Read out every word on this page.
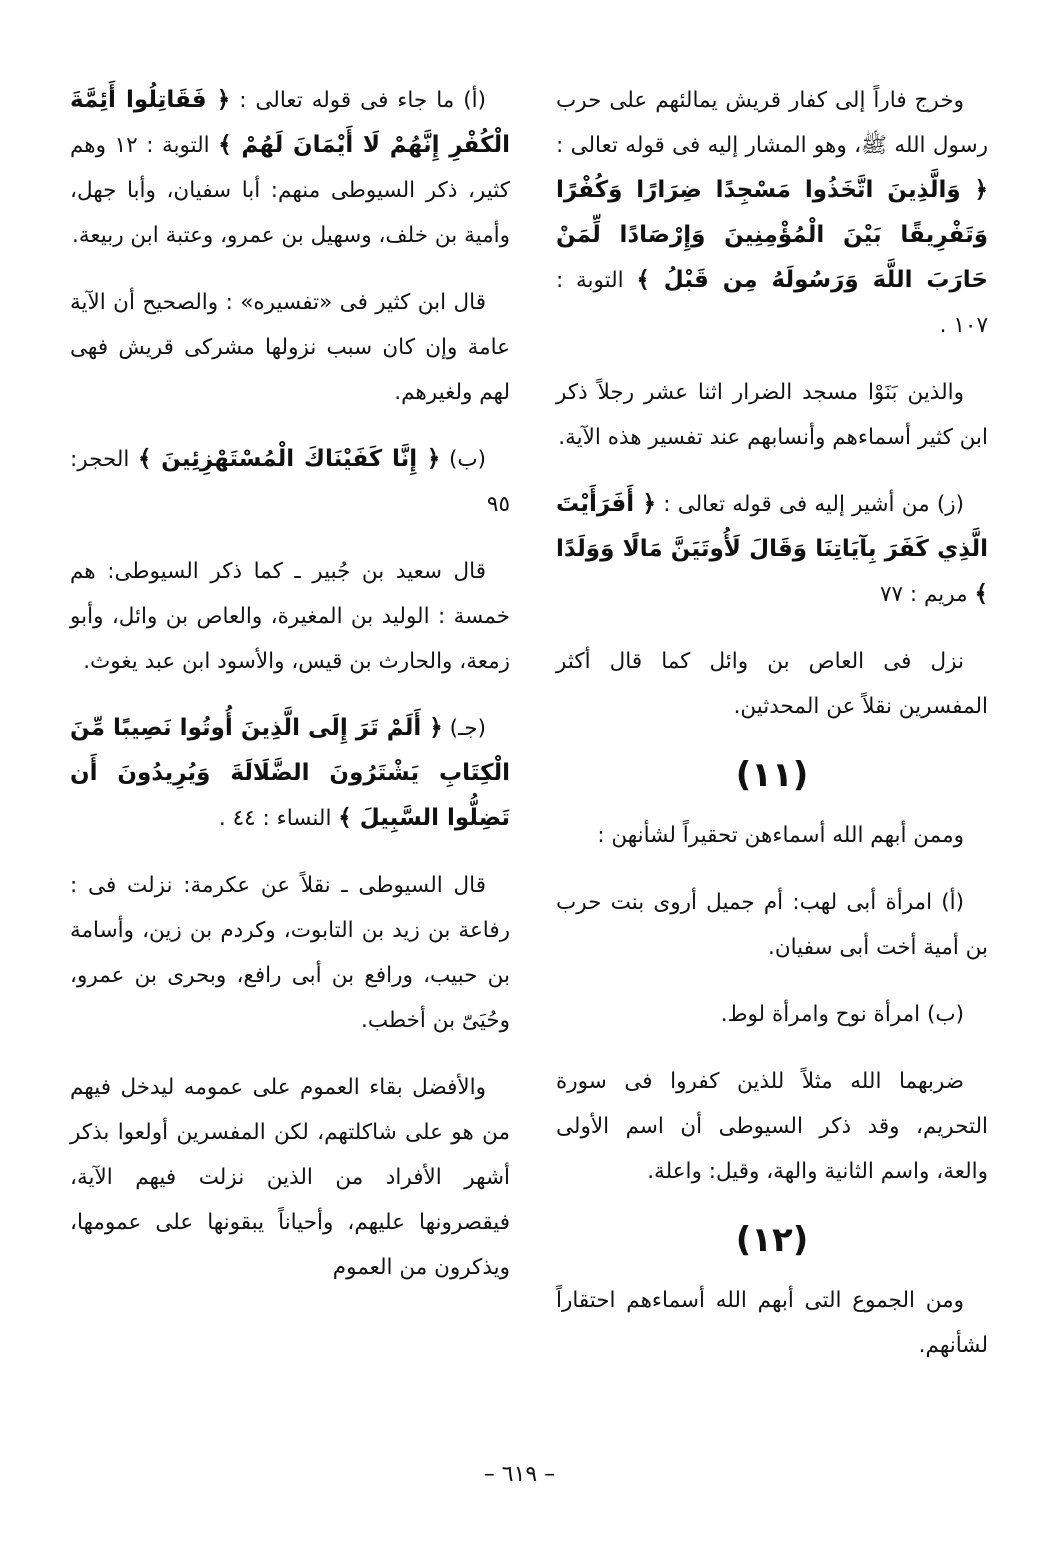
وخرج فاراً إلى كفار قريش يمالئهم على حرب رسول الله ﷺ، وهو المشار إليه فى قوله تعالى : ﴿ وَالَّذِينَ اتَّخَذُوا مَسْجِدًا ضِرَارًا وَكُفْرًا وَتَفْرِيقًا بَيْنَ الْمُؤْمِنِينَ وَإِرْصَادًا لِّمَنْ حَارَبَ اللَّهَ وَرَسُولَهُ مِن قَبْلُ ﴾ التوبة : ١٠٧ .

والذين بَنَوْا مسجد الضرار اثنا عشر رجلاً ذكر ابن كثير أسماءهم وأنسابهم عند تفسير هذه الآية.

(ز) من أشير إليه فى قوله تعالى : ﴿ أَفَرَأَيْتَ الَّذِي كَفَرَ بِآيَاتِنَا وَقَالَ لَأُوتَيَنَّ مَالًا وَوَلَدًا ﴾ مريم : ٧٧

نزل فى العاص بن وائل كما قال أكثر المفسرين نقلاً عن المحدثين.

(١١)

وممن أبهم الله أسماءهن تحقيراً لشأنهن :

(أ) امرأة أبى لهب: أم جميل أروى بنت حرب بن أمية أخت أبى سفيان.

(ب) امرأة نوح وامرأة لوط.

ضربهما الله مثلاً للذين كفروا فى سورة التحريم، وقد ذكر السيوطى أن اسم الأولى والعة، واسم الثانية والهة، وقيل: واعلة.

(١٢)

ومن الجموع التى أبهم الله أسماءهم احتقاراً لشأنهم.

(أ) ما جاء فى قوله تعالى : ﴿ فَقَاتِلُوا أَئِمَّةَ الْكُفْرِ إِنَّهُمْ لَا أَيْمَانَ لَهُمْ ﴾ التوبة : ١٢ وهم كثير، ذكر السيوطى منهم: أبا سفيان، وأبا جهل، وأمية بن خلف، وسهيل بن عمرو، وعتبة ابن ربيعة.

قال ابن كثير فى «تفسيره» : والصحيح أن الآية عامة وإن كان سبب نزولها مشركى قريش فهى لهم ولغيرهم.

(ب) ﴿ إِنَّا كَفَيْنَاكَ الْمُسْتَهْزِئِينَ ﴾ الحجر: ٩٥

قال سعيد بن جُبير ـ كما ذكر السيوطى: هم خمسة : الوليد بن المغيرة، والعاص بن وائل، وأبو زمعة، والحارث بن قيس، والأسود ابن عبد يغوث.

(جـ) ﴿ أَلَمْ تَرَ إِلَى الَّذِينَ أُوتُوا نَصِيبًا مِّنَ الْكِتَابِ يَشْتَرُونَ الضَّلَالَةَ وَيُرِيدُونَ أَن تَضِلُّوا السَّبِيلَ ﴾ النساء : ٤٤ .

قال السيوطى ـ نقلاً عن عكرمة: نزلت فى : رفاعة بن زيد بن التابوت، وكردم بن زين، وأسامة بن حبيب، ورافع بن أبى رافع، وبحرى بن عمرو، وحُيَىّ بن أخطب.

والأفضل بقاء العموم على عمومه ليدخل فيهم من هو على شاكلتهم، لكن المفسرين أولعوا بذكر أشهر الأفراد من الذين نزلت فيهم الآية، فيقصرونها عليهم، وأحياناً يبقونها على عمومها، ويذكرون من العموم

– ٦١٩ –
